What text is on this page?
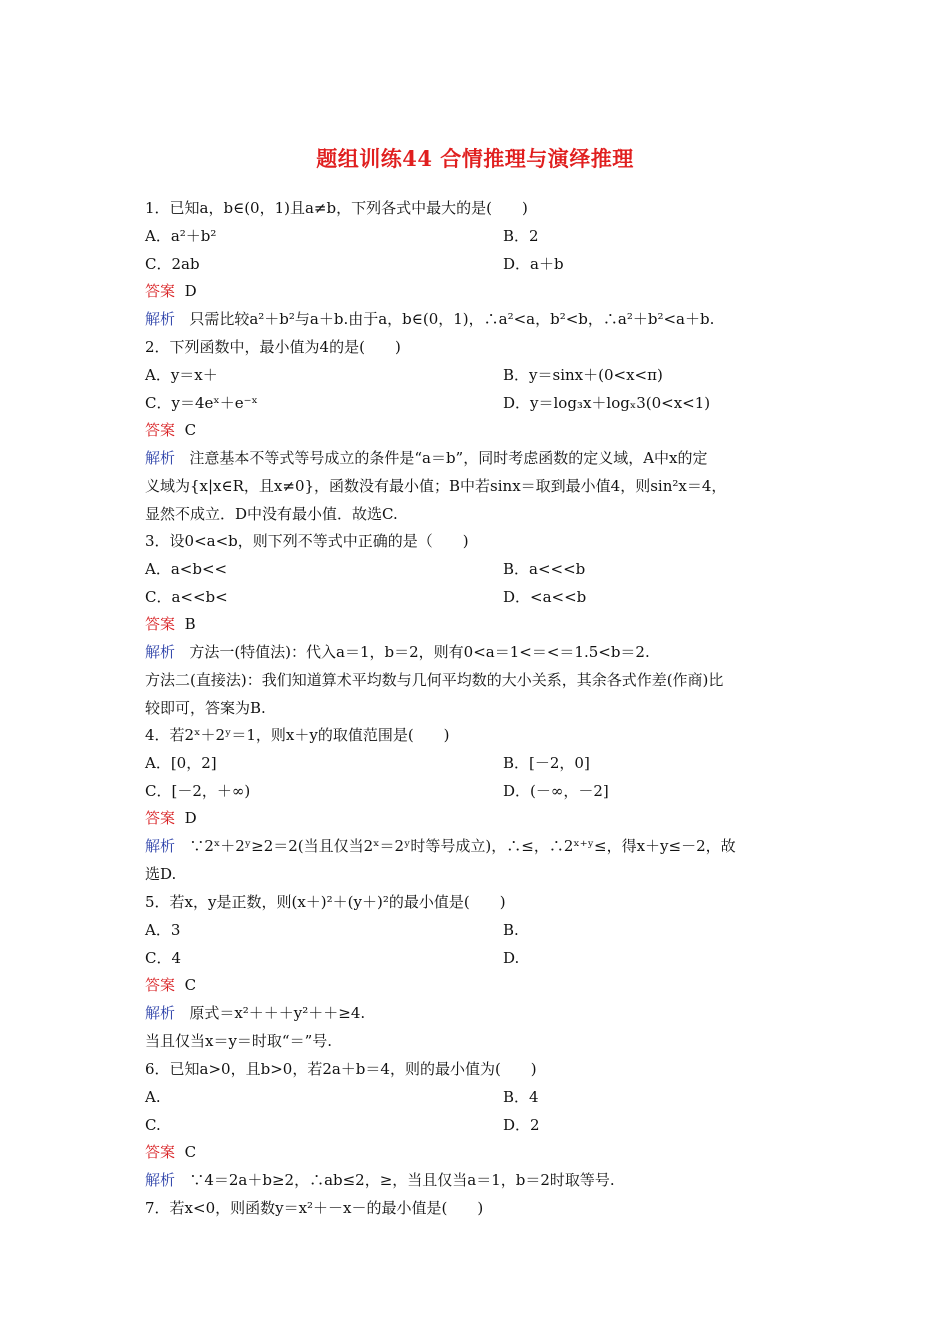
题组训练44 合情推理与演绎推理
1．已知a，b∈(0，1)且a≠b，下列各式中最大的是(　　)
A．a²＋b²	B．2
C．2ab	D．a＋b
答案 D
解析 只需比较a²＋b²与a＋b.由于a，b∈(0，1)，∴a²<a，b²<b，∴a²＋b²<a＋b.
2．下列函数中，最小值为4的是(　　)
A．y＝x＋	B．y＝sinx＋(0<x<π)
C．y＝4eˣ＋e⁻ˣ	D．y＝log₃x＋logₓ3(0<x<1)
答案 C
解析 注意基本不等式等号成立的条件是“a＝b”，同时考虑函数的定义域，A中x的定
义域为{x|x∈R，且x≠0}，函数没有最小值；B中若sinx＝取到最小值4，则sin²x＝4，
显然不成立．D中没有最小值．故选C.
3．设0<a<b，则下列不等式中正确的是（　　)
A．a<b<<	B．a<<<b
C．a<<b<	D．<a<<b
答案 B
解析 方法一(特值法)：代入a＝1，b＝2，则有0<a＝1<＝<＝1.5<b＝2.
方法二(直接法)：我们知道算术平均数与几何平均数的大小关系，其余各式作差(作商)比
较即可，答案为B.
4．若2ˣ＋2ʸ＝1，则x＋y的取值范围是(　　)
A．[0，2]	B．[－2，0]
C．[－2，＋∞)	D．(－∞，－2]
答案 D
解析 ∵2ˣ＋2ʸ≥2＝2(当且仅当2ˣ＝2ʸ时等号成立)，∴≤，∴2ˣ⁺ʸ≤，得x＋y≤－2，故
选D.
5．若x，y是正数，则(x＋)²＋(y＋)²的最小值是(　　)
A．3	B.
C．4	D.
答案 C
解析 原式＝x²＋＋＋y²＋＋≥4.
当且仅当x＝y＝时取“＝”号.
6．已知a>0，且b>0，若2a＋b＝4，则的最小值为(　　)
A.	B．4
C.	D．2
答案 C
解析 ∵4＝2a＋b≥2，∴ab≤2，≥，当且仅当a＝1，b＝2时取等号.
7．若x<0，则函数y＝x²＋－x－的最小值是(　　)
